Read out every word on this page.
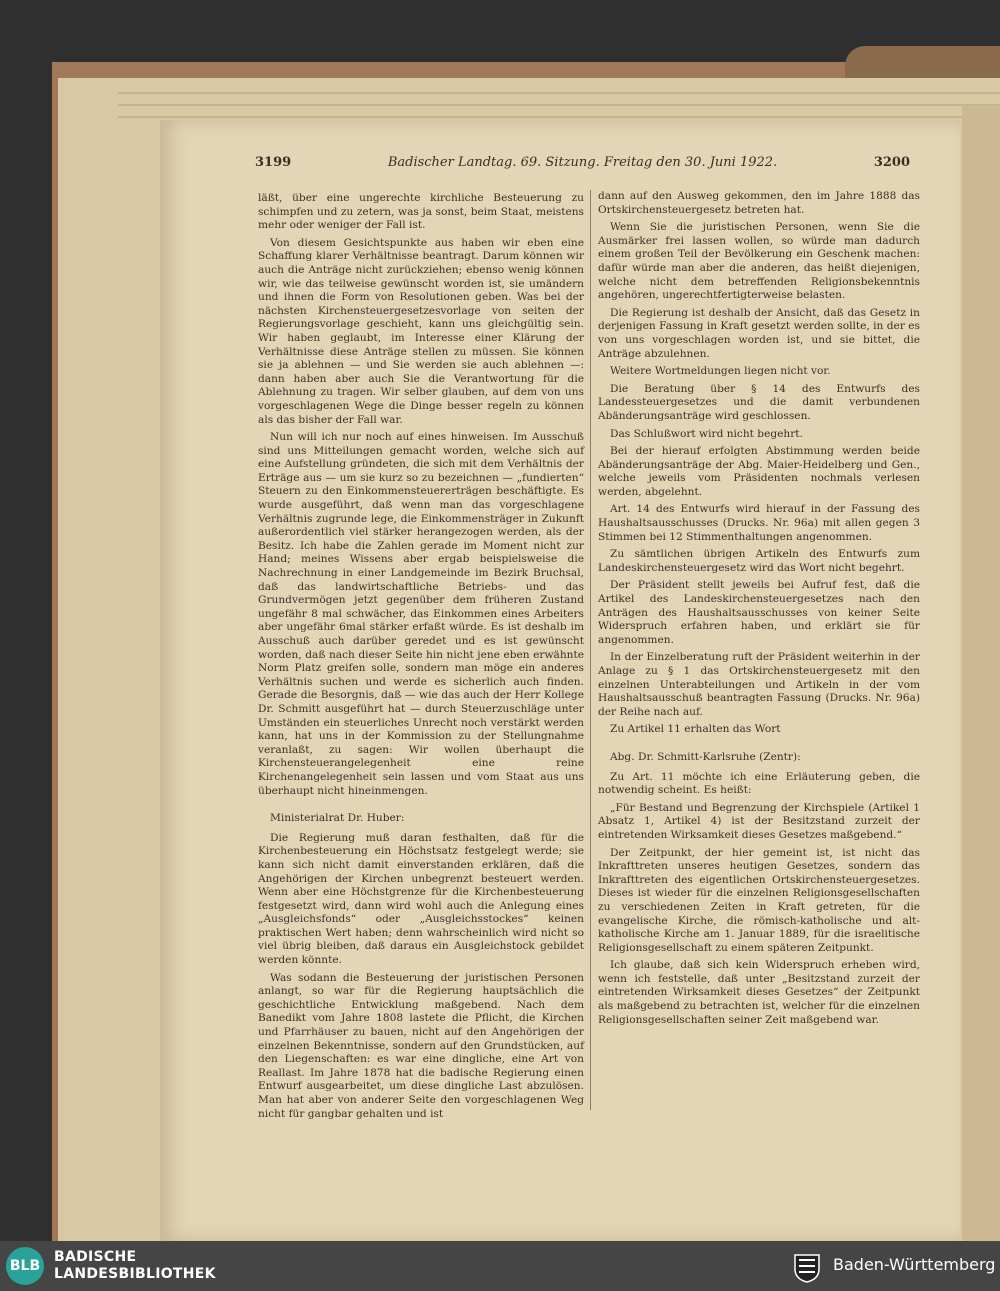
3199	Badischer Landtag. 69. Sitzung. Freitag den 30. Juni 1922.	3200

läßt, über eine ungerechte kirchliche Besteuerung zu schimpfen und zu zetern, was ja sonst, beim Staat, meistens mehr oder weniger der Fall ist.

Von diesem Gesichtspunkte aus haben wir eben eine Schaffung klarer Verhältnisse beantragt. Darum können wir auch die Anträge nicht zurückziehen; ebenso wenig können wir, wie das teilweise gewünscht worden ist, sie umändern und ihnen die Form von Resolutionen geben. Was bei der nächsten Kirchensteuergesetzesvorlage von seiten der Regierungsvorlage geschieht, kann uns gleichgültig sein. Wir haben geglaubt, im Interesse einer Klärung der Verhältnisse diese Anträge stellen zu müssen. Sie können sie ja ablehnen — und Sie werden sie auch ablehnen —: dann haben aber auch Sie die Verantwortung für die Ablehnung zu tragen. Wir selber glauben, auf dem von uns vorgeschlagenen Wege die Dinge besser regeln zu können als das bisher der Fall war.

Nun will ich nur noch auf eines hinweisen. Im Ausschuß sind uns Mitteilungen gemacht worden, welche sich auf eine Aufstellung gründeten, die sich mit dem Verhältnis der Erträge aus — um sie kurz so zu bezeichnen — „fundierten“ Steuern zu den Einkommensteuererträgen beschäftigte. Es wurde ausgeführt, daß wenn man das vorgeschlagene Verhältnis zugrunde lege, die Einkommensträger in Zukunft außerordentlich viel stärker herangezogen werden, als der Besitz. Ich habe die Zahlen gerade im Moment nicht zur Hand; meines Wissens aber ergab beispielsweise die Nachrechnung in einer Landgemeinde im Bezirk Bruchsal, daß das landwirtschaftliche Betriebs- und das Grundvermögen jetzt gegenüber dem früheren Zustand ungefähr 8 mal schwächer, das Einkommen eines Arbeiters aber ungefähr 6mal stärker erfaßt würde. Es ist deshalb im Ausschuß auch darüber geredet und es ist gewünscht worden, daß nach dieser Seite hin nicht jene eben erwähnte Norm Platz greifen solle, sondern man möge ein anderes Verhältnis suchen und werde es sicherlich auch finden. Gerade die Besorgnis, daß — wie das auch der Herr Kollege Dr. Schmitt ausgeführt hat — durch Steuerzuschläge unter Umständen ein steuerliches Unrecht noch verstärkt werden kann, hat uns in der Kommission zu der Stellungnahme veranlaßt, zu sagen: Wir wollen überhaupt die Kirchensteuerangelegenheit eine reine Kirchenangelegenheit sein lassen und vom Staat aus uns überhaupt nicht hineinmengen.

Ministerialrat Dr. Huber:

Die Regierung muß daran festhalten, daß für die Kirchenbesteuerung ein Höchstsatz festgelegt werde; sie kann sich nicht damit einverstanden erklären, daß die Angehörigen der Kirchen unbegrenzt besteuert werden. Wenn aber eine Höchstgrenze für die Kirchenbesteuerung festgesetzt wird, dann wird wohl auch die Anlegung eines „Ausgleichsfonds“ oder „Ausgleichsstockes“ keinen praktischen Wert haben; denn wahrscheinlich wird nicht so viel übrig bleiben, daß daraus ein Ausgleichstock gebildet werden könnte.

Was sodann die Besteuerung der juristischen Personen anlangt, so war für die Regierung hauptsächlich die geschichtliche Entwicklung maßgebend. Nach dem Banedikt vom Jahre 1808 lastete die Pflicht, die Kirchen und Pfarrhäuser zu bauen, nicht auf den Angehörigen der einzelnen Bekenntnisse, sondern auf den Grundstücken, auf den Liegenschaften: es war eine dingliche, eine Art von Reallast. Im Jahre 1878 hat die badische Regierung einen Entwurf ausgearbeitet, um diese dingliche Last abzulösen. Man hat aber von anderer Seite den vorgeschlagenen Weg nicht für gangbar gehalten und ist

dann auf den Ausweg gekommen, den im Jahre 1888 das Ortskirchensteuergesetz betreten hat.

Wenn Sie die juristischen Personen, wenn Sie die Ausmärker frei lassen wollen, so würde man dadurch einem großen Teil der Bevölkerung ein Geschenk machen: dafür würde man aber die anderen, das heißt diejenigen, welche nicht dem betreffenden Religionsbekenntnis angehören, ungerechtfertigterweise belasten.

Die Regierung ist deshalb der Ansicht, daß das Gesetz in derjenigen Fassung in Kraft gesetzt werden sollte, in der es von uns vorgeschlagen worden ist, und sie bittet, die Anträge abzulehnen.

Weitere Wortmeldungen liegen nicht vor.

Die Beratung über § 14 des Entwurfs des Landessteuergesetzes und die damit verbundenen Abänderungsanträge wird geschlossen.

Das Schlußwort wird nicht begehrt.

Bei der hierauf erfolgten Abstimmung werden beide Abänderungsanträge der Abg. Maier-Heidelberg und Gen., welche jeweils vom Präsidenten nochmals verlesen werden, abgelehnt.

Art. 14 des Entwurfs wird hierauf in der Fassung des Haushaltsausschusses (Drucks. Nr. 96a) mit allen gegen 3 Stimmen bei 12 Stimmenthaltungen angenommen.

Zu sämtlichen übrigen Artikeln des Entwurfs zum Landeskirchensteuergesetz wird das Wort nicht begehrt.

Der Präsident stellt jeweils bei Aufruf fest, daß die Artikel des Landeskirchensteuergesetzes nach den Anträgen des Haushaltsausschusses von keiner Seite Widerspruch erfahren haben, und erklärt sie für angenommen.

In der Einzelberatung ruft der Präsident weiterhin in der Anlage zu § 1 das Ortskirchensteuergesetz mit den einzelnen Unterabteilungen und Artikeln in der vom Haushaltsausschuß beantragten Fassung (Drucks. Nr. 96a) der Reihe nach auf.

Zu Artikel 11 erhalten das Wort

Abg. Dr. Schmitt-Karlsruhe (Zentr):

Zu Art. 11 möchte ich eine Erläuterung geben, die notwendig scheint. Es heißt:

„Für Bestand und Begrenzung der Kirchspiele (Artikel 1 Absatz 1, Artikel 4) ist der Besitzstand zurzeit der eintretenden Wirksamkeit dieses Gesetzes maßgebend.“

Der Zeitpunkt, der hier gemeint ist, ist nicht das Inkrafttreten unseres heutigen Gesetzes, sondern das Inkrafttreten des eigentlichen Ortskirchensteuergesetzes. Dieses ist wieder für die einzelnen Religionsgesellschaften zu verschiedenen Zeiten in Kraft getreten, für die evangelische Kirche, die römisch-katholische und alt-katholische Kirche am 1. Januar 1889, für die israelitische Religionsgesellschaft zu einem späteren Zeitpunkt.

Ich glaube, daß sich kein Widerspruch erheben wird, wenn ich feststelle, daß unter „Besitzstand zurzeit der eintretenden Wirksamkeit dieses Gesetzes“ der Zeitpunkt als maßgebend zu betrachten ist, welcher für die einzelnen Religionsgesellschaften seiner Zeit maßgebend war.

BLB
BADISCHE
LANDESBIBLIOTHEK	Baden-Württemberg
